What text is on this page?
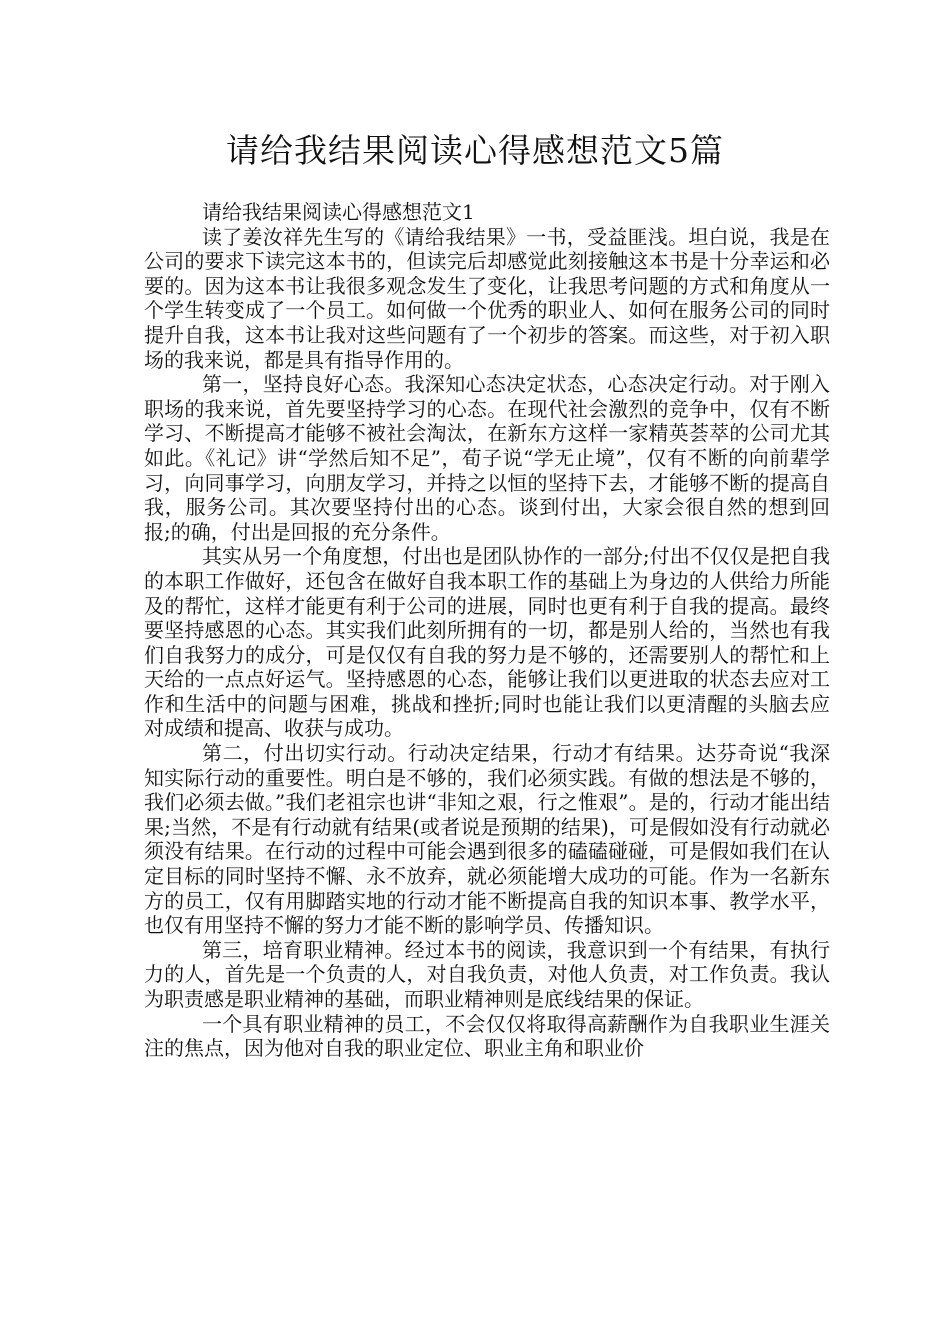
请给我结果阅读心得感想范文5篇

请给我结果阅读心得感想范文1

读了姜汝祥先生写的《请给我结果》一书，受益匪浅。坦白说，我是在公司的要求下读完这本书的，但读完后却感觉此刻接触这本书是十分幸运和必要的。因为这本书让我很多观念发生了变化，让我思考问题的方式和角度从一个学生转变成了一个员工。如何做一个优秀的职业人、如何在服务公司的同时提升自我，这本书让我对这些问题有了一个初步的答案。而这些，对于初入职场的我来说，都是具有指导作用的。

第一，坚持良好心态。我深知心态决定状态，心态决定行动。对于刚入职场的我来说，首先要坚持学习的心态。在现代社会激烈的竞争中，仅有不断学习、不断提高才能够不被社会淘汰，在新东方这样一家精英荟萃的公司尤其如此。《礼记》讲“学然后知不足”，荀子说“学无止境”，仅有不断的向前辈学习，向同事学习，向朋友学习，并持之以恒的坚持下去，才能够不断的提高自我，服务公司。其次要坚持付出的心态。谈到付出，大家会很自然的想到回报;的确，付出是回报的充分条件。

其实从另一个角度想，付出也是团队协作的一部分;付出不仅仅是把自我的本职工作做好，还包含在做好自我本职工作的基础上为身边的人供给力所能及的帮忙，这样才能更有利于公司的进展，同时也更有利于自我的提高。最终要坚持感恩的心态。其实我们此刻所拥有的一切，都是别人给的，当然也有我们自我努力的成分，可是仅仅有自我的努力是不够的，还需要别人的帮忙和上天给的一点点好运气。坚持感恩的心态，能够让我们以更进取的状态去应对工作和生活中的问题与困难，挑战和挫折;同时也能让我们以更清醒的头脑去应对成绩和提高、收获与成功。

第二，付出切实行动。行动决定结果，行动才有结果。达芬奇说“我深知实际行动的重要性。明白是不够的，我们必须实践。有做的想法是不够的，我们必须去做。”我们老祖宗也讲“非知之艰，行之惟艰”。是的，行动才能出结果;当然，不是有行动就有结果(或者说是预期的结果)，可是假如没有行动就必须没有结果。在行动的过程中可能会遇到很多的磕磕碰碰，可是假如我们在认定目标的同时坚持不懈、永不放弃，就必须能增大成功的可能。作为一名新东方的员工，仅有用脚踏实地的行动才能不断提高自我的知识本事、教学水平，也仅有用坚持不懈的努力才能不断的影响学员、传播知识。

第三，培育职业精神。经过本书的阅读，我意识到一个有结果，有执行力的人，首先是一个负责的人，对自我负责，对他人负责，对工作负责。我认为职责感是职业精神的基础，而职业精神则是底线结果的保证。

一个具有职业精神的员工，不会仅仅将取得高薪酬作为自我职业生涯关注的焦点，因为他对自我的职业定位、职业主角和职业价
